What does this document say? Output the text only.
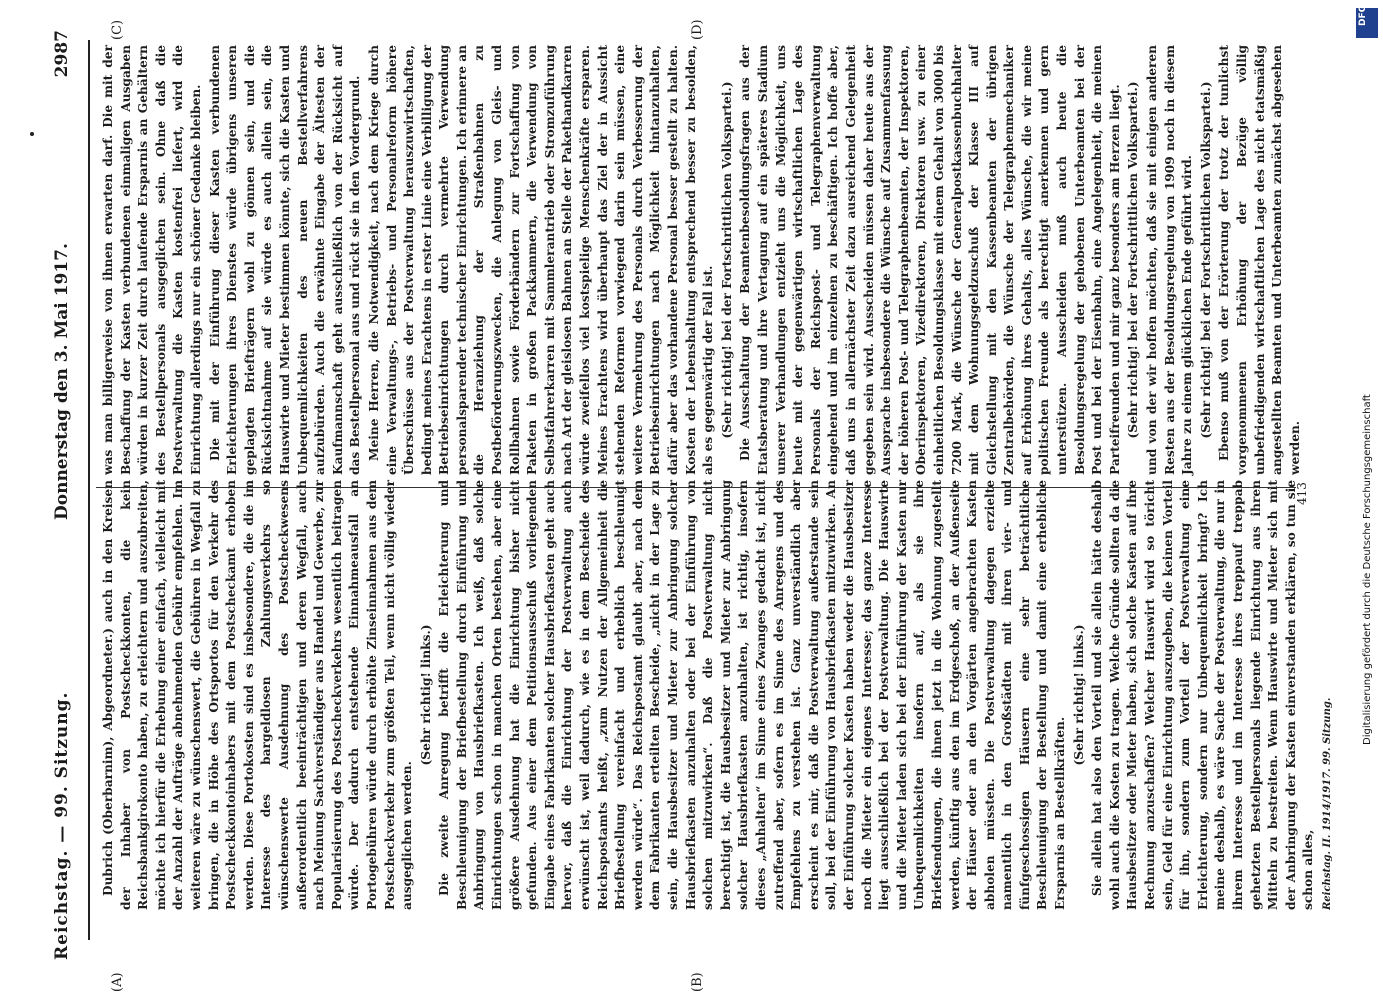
Reichstag. — 99. Sitzung.
2987
Donnerstag den 3. Mai 1917.

Dubrich (Oberbarnim), Abgeordneter.) auch in den Kreisen der Inhaber von Postscheckkonten, die kein Reichsbankgirokonto haben, zu erleichtern und auszubreiten, möchte ich hierfür die Erhebung einer einfach, vielleicht mit der Anzahl der Aufträge abnehmenden Gebühr empfehlen. Im weiteren wäre zu wünschenswert, die Gebühren in Wegfall zu bringen, die in Höhe des Ortsportos für den Verkehr des Postscheckkontoinhabers mit dem Postscheckamt erhoben werden. Diese Portokosten sind es insbesondere, die die im Interesse des bargeldlosen Zahlungsverkehrs so wünschenswerte Ausdehnung des Postscheckwesens außerordentlich beeinträchtigen und deren Wegfall, auch nach Meinung Sachverständiger aus Handel und Gewerbe, zur Popularisierung des Postscheckverkehrs wesentlich beitragen würde. Der dadurch entstehende Einnahmeausfall an Portogebühren würde durch erhöhte Zinseinnahmen aus dem Postscheckverkehr zum größten Teil, wenn nicht völlig wieder ausgeglichen werden.

(Sehr richtig! links.) Die zweite Anregung betrifft die Erleichterung und Beschleunigung der Briefbestellung durch Einführung und Anbringung von Hausbriefkasten. Ich weiß, daß solche Einrichtungen schon in manchen Orten bestehen, aber eine größere Ausdehnung hat die Einrichtung bisher nicht gefunden. Aus einer dem Petitionsausschuß vorliegenden Eingabe eines Fabrikanten solcher Hausbriefkasten geht auch hervor, daß die Einrichtung der Postverwaltung auch erwünscht ist, weil dadurch, wie es in dem Bescheide des Reichspostamts heißt, „zum Nutzen der Allgemeinheit die Briefbestellung vereinfacht und erheblich beschleunigt werden würde“. Das Reichspostamt glaubt aber, nach dem dem Fabrikanten erteilten Bescheide, „nicht in der Lage zu sein, die Hausbesitzer und Mieter zur Anbringung solcher Hausbriefkasten anzuhalten oder bei der Einführung von solchen mitzuwirken“. Daß die Postverwaltung nicht berechtigt ist, die Hausbesitzer und Mieter zur Anbringung solcher Hausbriefkasten anzuhalten, ist richtig, insofern dieses „Anhalten“ im Sinne eines Zwanges gedacht ist, nicht zutreffend aber, sofern es im Sinne des Anregens und des Empfehlens zu verstehen ist. Ganz unverständlich aber erscheint es mir, daß die Postverwaltung außerstande sein soll, bei der Einführung von Hausbriefkasten mitzuwirken. An der Einführung solcher Kasten haben weder die Hausbesitzer noch die Mieter ein eigenes Interesse; das ganze Interesse liegt ausschließlich bei der Postverwaltung. Die Hauswirte und die Mieter laden sich bei der Einführung der Kasten nur Unbequemlichkeiten insofern auf, als sie ihre Briefsendungen, die ihnen jetzt in die Wohnung zugestellt werden, künftig aus den im Erdgeschoß, an der Außenseite der Häuser oder an den Vorgärten angebrachten Kasten abholen müssten. Die Postverwaltung dagegen erzielte namentlich in den Großstädten mit ihren vier- und fünfgeschossigen Häusern eine sehr beträchtliche Beschleunigung der Bestellung und damit eine erhebliche Ersparnis an Bestellkräften.

(Sehr richtig! links.) Sie allein hat also den Vorteil und sie allein hätte deshalb wohl auch die Kosten zu tragen. Welche Gründe sollten da die Hausbesitzer oder Mieter haben, sich solche Kasten auf ihre Rechnung anzuschaffen? Welcher Hauswirt wird so töricht sein, Geld für eine Einrichtung auszugeben, die keinen Vorteil für ihn, sondern zum Vorteil der Postverwaltung eine Erleichterung, sondern nur Unbequemlichkeit bringt? Ich meine deshalb, es wäre Sache der Postverwaltung, die nur in ihrem Interesse und im Interesse ihres treppauf treppab gehetzten Bestellpersonals liegende Einrichtung aus ihren Mitteln zu bestreiten. Wenn Hauswirte und Mieter sich mit der Anbringung der Kasten einverstanden erklären, so tun sie schon alles, Reichstag. II. 1914/1917. 99. Sitzung.

was man billigerweise von ihnen erwarten darf. Die mit der Beschaffung der Kasten verbundenen einmaligen Ausgaben würden in kurzer Zeit durch laufende Ersparnis an Gehältern des Bestellpersonals ausgeglichen sein. Ohne daß die Postverwaltung die Kasten kostenfrei liefert, wird die Einrichtung allerdings nur ein schöner Gedanke bleiben. Die mit der Einführung dieser Kasten verbundenen Erleichterungen ihres Dienstes würde übrigens unseren geplagten Briefträgern wohl zu gönnen sein, und die Rücksichtnahme auf sie würde es auch allein sein, die Hauswirte und Mieter bestimmen könnte, sich die Kasten und Unbequemlichkeiten des neuen Bestellverfahrens aufzubürden. Auch die erwähnte Eingabe der Ältesten der Kaufmannschaft geht ausschließlich von der Rücksicht auf das Bestellpersonal aus und rückt sie in den Vordergrund. Meine Herren, die Notwendigkeit, nach dem Kriege durch eine Verwaltungs-, Betriebs- und Personalreform höhere Überschüsse aus der Postverwaltung herauszuwirtschaften, bedingt meines Erachtens in erster Linie eine Verbilligung der Betriebseinrichtungen durch vermehrte Verwendung personalsparender technischer Einrichtungen. Ich erinnere an die Heranziehung der Straßenbahnen zu Postbeförderungszwecken, die Anlegung von Gleis- und Rollbahnen sowie Förderbändern zur Fortschaffung von Paketen in großen Packkammern, die Verwendung von Selbstfahrerkarren mit Sammlerantrieb oder Stromzuführung nach Art der gleislosen Bahnen an Stelle der Pakethandkarren würde zweifellos viel kostspielige Menschenkräfte ersparen. Meines Erachtens wird überhaupt das Ziel der in Aussicht stehenden Reformen vorwiegend darin sein müssen, eine weitere Vermehrung des Personals durch Verbesserung der Betriebseinrichtungen nach Möglichkeit hintanzuhalten, dafür aber das vorhandene Personal besser gestellt zu halten. Kosten der Lebenshaltung entsprechend besser zu besolden, als es gegenwärtig der Fall ist. (Sehr richtig! bei der Fortschrittlichen Volkspartei.) Die Ausschaltung der Beamtenbesoldungsfragen aus der Etatsberatung und ihre Vertagung auf ein späteres Stadium unserer Verhandlungen entzieht uns die Möglichkeit, uns heute mit der gegenwärtigen wirtschaftlichen Lage des Personals der Reichspost- und Telegraphenverwaltung eingehend und im einzelnen zu beschäftigen. Ich hoffe aber, daß uns in allernächster Zeit dazu ausreichend Gelegenheit gegeben sein wird. Ausscheiden müssen daher heute aus der Aussprache insbesondere die Wünsche auf Zusammenfassung der höheren Post- und Telegraphenbeamten, der Inspektoren, Oberinspektoren, Vizedirektoren, Direktoren usw. zu einer einheitlichen Besoldungsklasse mit einem Gehalt von 3000 bis 7200 Mark, die Wünsche der Generalpostkassenbuchhalter mit dem Wohnungsgeldzuschuß der Klasse III auf Gleichstellung mit den Kassenbeamten der übrigen Zentralbehörden, die Wünsche der Telegraphenmechaniker auf Erhöhung ihres Gehalts, alles Wünsche, die wir meine politischen Freunde als berechtigt anerkennen und gern unterstützen. Ausscheiden muß auch heute die Besoldungsregelung der gehobenen Unterbeamten bei der Post und bei der Eisenbahn, eine Angelegenheit, die meinen Parteifreunden und mir ganz besonders am Herzen liegt. (Sehr richtig! bei der Fortschrittlichen Volkspartei.) und von der wir hoffen möchten, daß sie mit einigen anderen Resten aus der Besoldungsregelung von 1909 noch in diesem Jahre zu einem glücklichen Ende geführt wird. (Sehr richtig! bei der Fortschrittlichen Volkspartei.) Ebenso muß von der Erörterung der trotz der tunlichst vorgenommenen Erhöhung der Bezüge völlig unbefriedigenden wirtschaftlichen Lage des nicht etatsmäßig angestellten Beamten und Unterbeamten zunächst abgesehen werden.

(A)	(B)
(C)	(D)
413	Digitalisierung gefördert durch die Deutsche Forschungsgemeinschaft
DFG
